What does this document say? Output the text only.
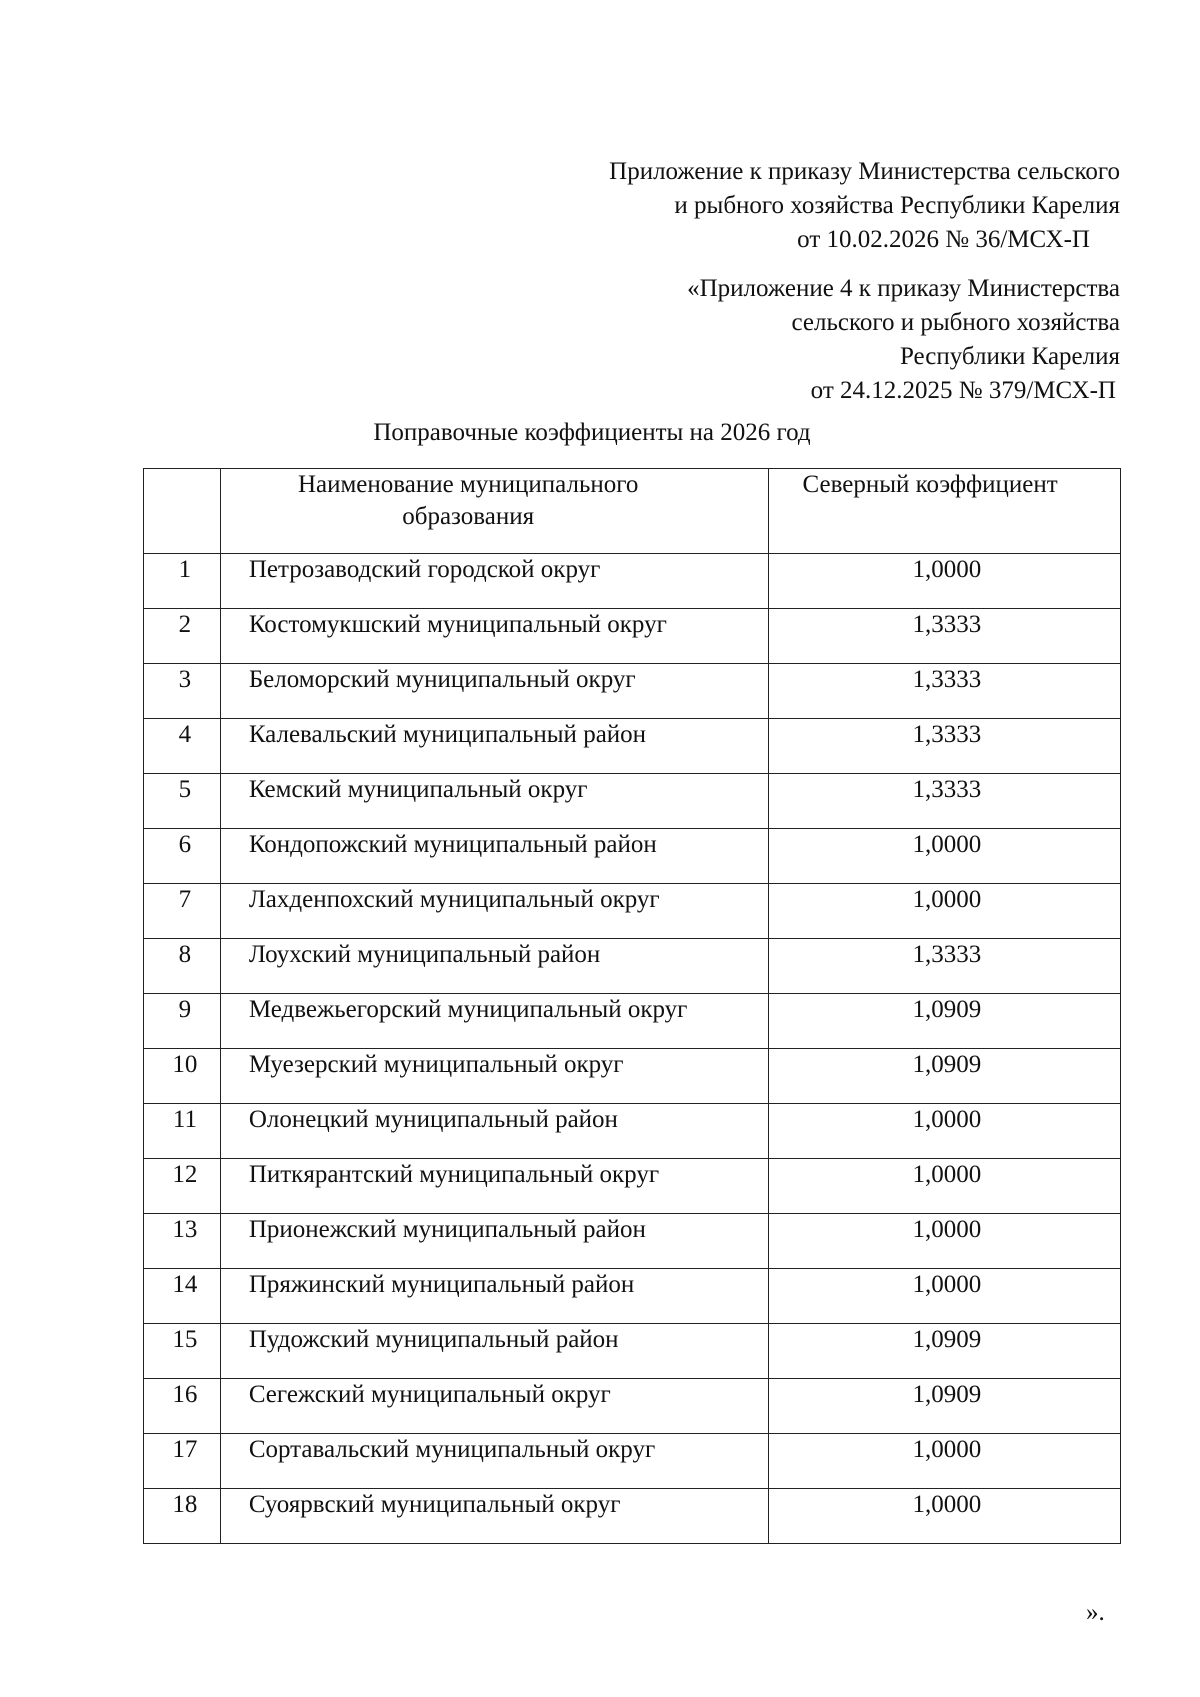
Приложение к приказу Министерства сельского
и рыбного хозяйства Республики Карелия
от 10.02.2026 № 36/МСХ-П
«Приложение 4 к приказу Министерства
сельского и рыбного хозяйства
Республики Карелия
от 24.12.2025 № 379/МСХ-П
Поправочные коэффициенты на 2026 год
	Наименование муниципального
образования	Северный коэффициент
1	Петрозаводский городской округ	1,0000
2	Костомукшский муниципальный округ	1,3333
3	Беломорский муниципальный округ	1,3333
4	Калевальский муниципальный район	1,3333
5	Кемский муниципальный округ	1,3333
6	Кондопожский муниципальный район	1,0000
7	Лахденпохский муниципальный округ	1,0000
8	Лоухский муниципальный район	1,3333
9	Медвежьегорский муниципальный округ	1,0909
10	Муезерский муниципальный округ	1,0909
11	Олонецкий муниципальный район	1,0000
12	Питкярантский муниципальный округ	1,0000
13	Прионежский муниципальный район	1,0000
14	Пряжинский муниципальный район	1,0000
15	Пудожский муниципальный район	1,0909
16	Сегежский муниципальный округ	1,0909
17	Сортавальский муниципальный округ	1,0000
18	Суоярвский муниципальный округ	1,0000
».
